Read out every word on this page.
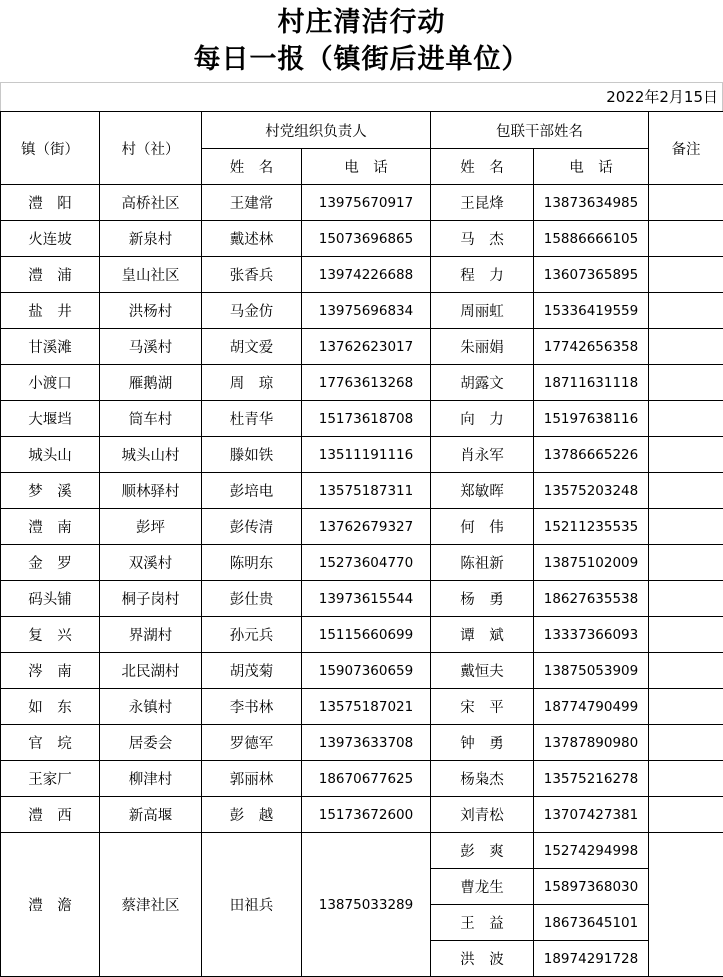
村庄清洁行动
每日一报（镇街后进单位）
2022年2月15日
镇（街）	村（社）	村党组织负责人		包联干部姓名		备注
		姓　名	电　话	姓　名	电　话	
澧　阳	高桥社区	王建常	13975670917	王昆烽	13873634985	
火连坡	新泉村	戴述林	15073696865	马　杰	15886666105	
澧　浦	皇山社区	张香兵	13974226688	程　力	13607365895	
盐　井	洪杨村	马金仿	13975696834	周丽虹	15336419559	
甘溪滩	马溪村	胡文爱	13762623017	朱丽娟	17742656358	
小渡口	雁鹅湖	周　琼	17763613268	胡露文	18711631118	
大堰垱	筒车村	杜青华	15173618708	向　力	15197638116	
城头山	城头山村	滕如铁	13511191116	肖永军	13786665226	
梦　溪	顺林驿村	彭培电	13575187311	郑敏晖	13575203248	
澧　南	彭坪	彭传清	13762679327	何　伟	15211235535	
金　罗	双溪村	陈明东	15273604770	陈祖新	13875102009	
码头铺	桐子岗村	彭仕贵	13973615544	杨　勇	18627635538	
复　兴	界湖村	孙元兵	15115660699	谭　斌	13337366093	
涔　南	北民湖村	胡茂菊	15907360659	戴恒夫	13875053909	
如　东	永镇村	李书林	13575187021	宋　平	18774790499	
官　垸	居委会	罗德军	13973633708	钟　勇	13787890980	
王家厂	柳津村	郭丽林	18670677625	杨枭杰	13575216278	
澧　西	新高堰	彭　越	15173672600	刘青松	13707427381	
澧　澹	蔡津社区	田祖兵	13875033289	彭　爽	15274294998	
				曹龙生	15897368030	
				王　益	18673645101	
				洪　波	18974291728	
